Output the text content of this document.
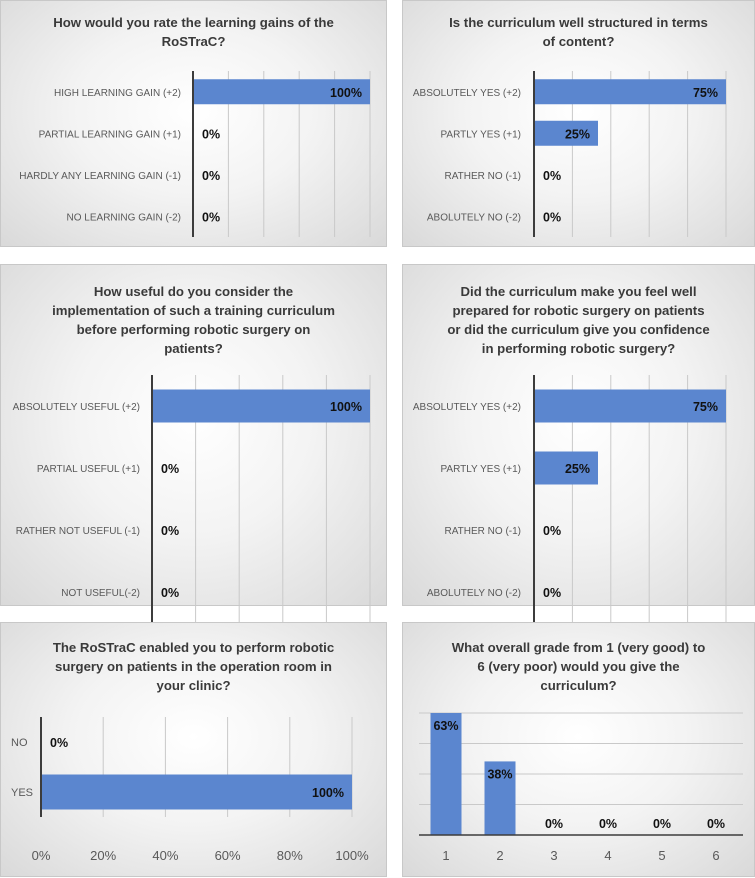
How would you rate the learning gains of the
RoSTraC?
HIGH LEARNING GAIN (+2)	100%
PARTIAL LEARNING GAIN (+1) 0%
HARDLY ANY LEARNING GAIN (-1) 0%
NO LEARNING GAIN (-2) 0%
Is the curriculum well structured in terms
of content?
ABSOLUTELY YES (+2)	75%
PARTLY YES (+1)	25%
RATHER NO (-1) 0%
ABOLUTELY NO (-2) 0%
How useful do you consider the
implementation of such a training curriculum
before performing robotic surgery on
patients?
ABSOLUTELY USEFUL (+2)	100%
PARTIAL USEFUL (+1) 0%
RATHER NOT USEFUL (-1) 0%
NOT USEFUL(-2) 0%
Did the curriculum make you feel well
prepared for robotic surgery on patients
or did the curriculum give you confidence
in performing robotic surgery?
ABSOLUTELY YES (+2)	75%
PARTLY YES (+1)	25%
RATHER NO (-1) 0%
ABOLUTELY NO (-2) 0%
The RoSTraC enabled you to perform robotic
surgery on patients in the operation room in
your clinic?
NO 0%
YES	100%
0%	20%	40%	60%	80%	100%
What overall grade from 1 (very good) to
6 (very poor) would you give the
curriculum?
63%
1
38%
2
0%
3
0%
4
0%
5
0%
6
